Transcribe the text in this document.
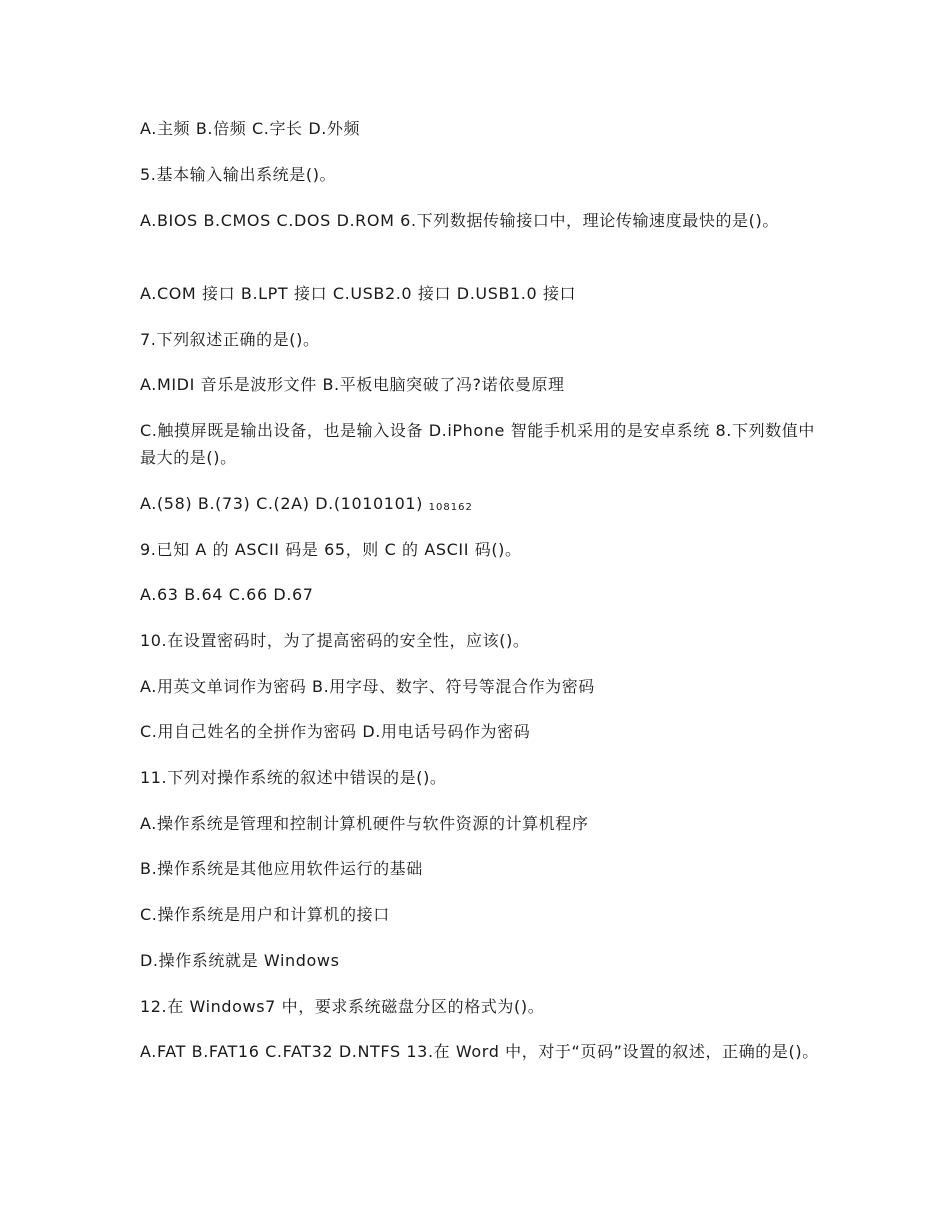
A.主频 B.倍频 C.字长 D.外频

5.基本输入输出系统是()。

A.BIOS B.CMOS C.DOS D.ROM 6.下列数据传输接口中，理论传输速度最快的是()。

A.COM 接口 B.LPT 接口 C.USB2.0 接口 D.USB1.0 接口

7.下列叙述正确的是()。

A.MIDI 音乐是波形文件 B.平板电脑突破了冯?诺依曼原理

C.触摸屏既是输出设备，也是输入设备 D.iPhone 智能手机采用的是安卓系统 8.下列数值中最大的是()。

A.(58) B.(73) C.(2A) D.(1010101) 108162

9.已知 A 的 ASCII 码是 65，则 C 的 ASCII 码()。

A.63 B.64 C.66 D.67

10.在设置密码时，为了提高密码的安全性，应该()。

A.用英文单词作为密码 B.用字母、数字、符号等混合作为密码

C.用自己姓名的全拼作为密码 D.用电话号码作为密码

11.下列对操作系统的叙述中错误的是()。

A.操作系统是管理和控制计算机硬件与软件资源的计算机程序

B.操作系统是其他应用软件运行的基础

C.操作系统是用户和计算机的接口

D.操作系统就是 Windows

12.在 Windows7 中，要求系统磁盘分区的格式为()。

A.FAT B.FAT16 C.FAT32 D.NTFS 13.在 Word 中，对于“页码”设置的叙述，正确的是()。
